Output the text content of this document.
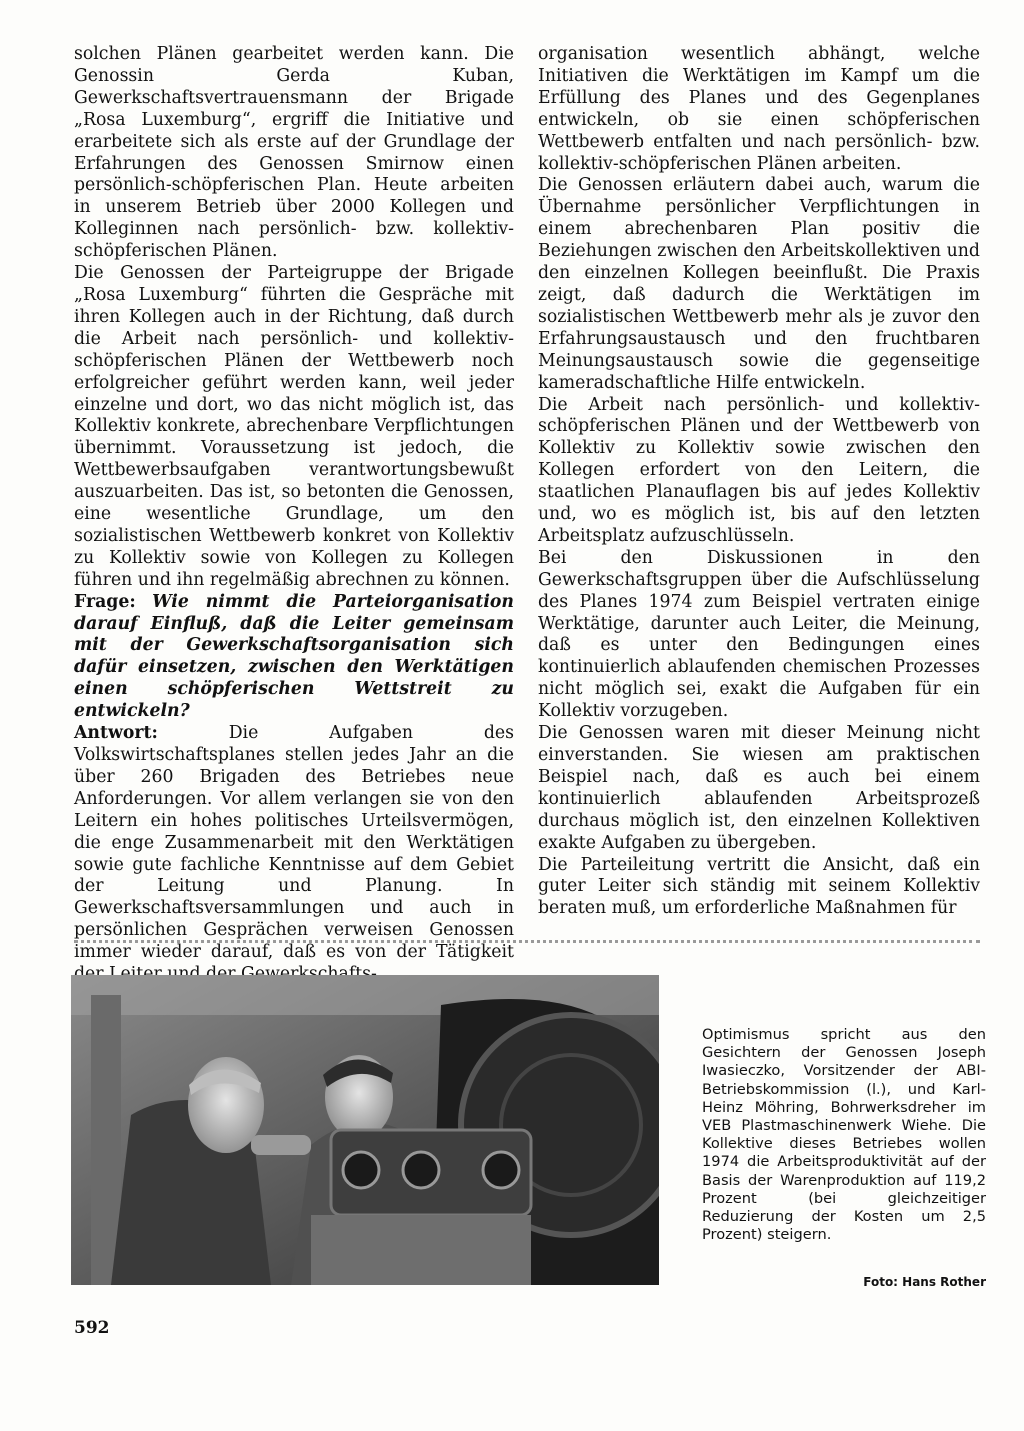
solchen Plänen gearbeitet werden kann. Die Genossin Gerda Kuban, Gewerkschaftsvertrauensmann der Brigade „Rosa Luxemburg“, ergriff die Initiative und erarbeitete sich als erste auf der Grundlage der Erfahrungen des Genossen Smirnow einen persönlich-schöpferischen Plan. Heute arbeiten in unserem Betrieb über 2000 Kollegen und Kolleginnen nach persönlich- bzw. kollektiv-schöpferischen Plänen.

Die Genossen der Parteigruppe der Brigade „Rosa Luxemburg“ führten die Gespräche mit ihren Kollegen auch in der Richtung, daß durch die Arbeit nach persönlich- und kollektiv-schöpferischen Plänen der Wettbewerb noch erfolgreicher geführt werden kann, weil jeder einzelne und dort, wo das nicht möglich ist, das Kollektiv konkrete, abrechenbare Verpflichtungen übernimmt. Voraussetzung ist jedoch, die Wettbewerbsaufgaben verantwortungsbewußt auszuarbeiten. Das ist, so betonten die Genossen, eine wesentliche Grundlage, um den sozialistischen Wettbewerb konkret von Kollektiv zu Kollektiv sowie von Kollegen zu Kollegen führen und ihn regelmäßig abrechnen zu können.

Frage: Wie nimmt die Parteiorganisation darauf Einfluß, daß die Leiter gemeinsam mit der Gewerkschaftsorganisation sich dafür einsetzen, zwischen den Werktätigen einen schöpferischen Wettstreit zu entwickeln?

Antwort:	Die Aufgaben des Volkswirtschaftsplanes stellen jedes Jahr an die über 260 Brigaden des Betriebes neue Anforderungen. Vor allem verlangen sie von den Leitern ein hohes politisches Urteilsvermögen, die enge Zusammenarbeit mit den Werktätigen sowie gute fachliche Kenntnisse auf dem Gebiet der Leitung und Planung. In Gewerkschaftsversammlungen und auch in persönlichen Gesprächen verweisen Genossen immer wieder darauf, daß es von der Tätigkeit

organisation wesentlich abhängt, welche Initiativen die Werktätigen im Kampf um die Erfüllung des Planes und des Gegenplanes entwickeln, ob sie einen schöpferischen Wettbewerb entfalten und nach persönlich- bzw. kollektiv-schöpferischen Plänen arbeiten.

Die Genossen erläutern dabei auch, warum die Übernahme persönlicher Verpflichtungen in einem abrechenbaren Plan positiv die Beziehungen zwischen den Arbeitskollektiven und den einzelnen Kollegen beeinflußt. Die Praxis zeigt, daß dadurch die Werktätigen im sozialistischen Wettbewerb mehr als je zuvor den Erfahrungsaustausch und den fruchtbaren Meinungsaustausch sowie die gegenseitige kameradschaftliche Hilfe entwickeln.

Die Arbeit nach persönlich- und kollektiv-schöpferischen Plänen und der Wettbewerb von Kollektiv zu Kollektiv sowie zwischen den Kollegen erfordert von den Leitern, die staatlichen Planauflagen bis auf jedes Kollektiv und, wo es möglich ist, bis auf den letzten Arbeitsplatz aufzuschlüsseln.

Bei den Diskussionen in den Gewerkschaftsgruppen über die Aufschlüsselung des Planes 1974 zum Beispiel vertraten einige Werktätige, darunter auch Leiter, die Meinung, daß es unter den Bedingungen eines kontinuierlich ablaufenden chemischen Prozesses nicht möglich sei, exakt die Aufgaben für ein Kollektiv vorzugeben.

Die Genossen waren mit dieser Meinung nicht einverstanden. Sie wiesen am praktischen Beispiel nach, daß es auch bei einem kontinuierlich ablaufenden Arbeitsprozeß durchaus möglich ist, den einzelnen Kollektiven exakte Aufgaben zu übergeben.

Die Parteileitung vertritt die Ansicht, daß ein guter Leiter sich ständig mit seinem Kollektiv beraten muß, um erforderliche Maßnahmen für

Optimismus spricht aus den Gesichtern der Genossen Joseph Iwasieczko, Vorsitzender der ABI-Betriebskommission (l.), und Karl-Heinz Möhring, Bohrwerksdreher im VEB Plastmaschinenwerk Wiehe. Die Kollektive dieses Betriebes wollen 1974 die Arbeitsproduktivität auf der Basis der Warenproduktion auf 119,2 Prozent (bei gleichzeitiger Reduzierung der Kosten um 2,5 Prozent) steigern.
Foto: Hans Rother
592
